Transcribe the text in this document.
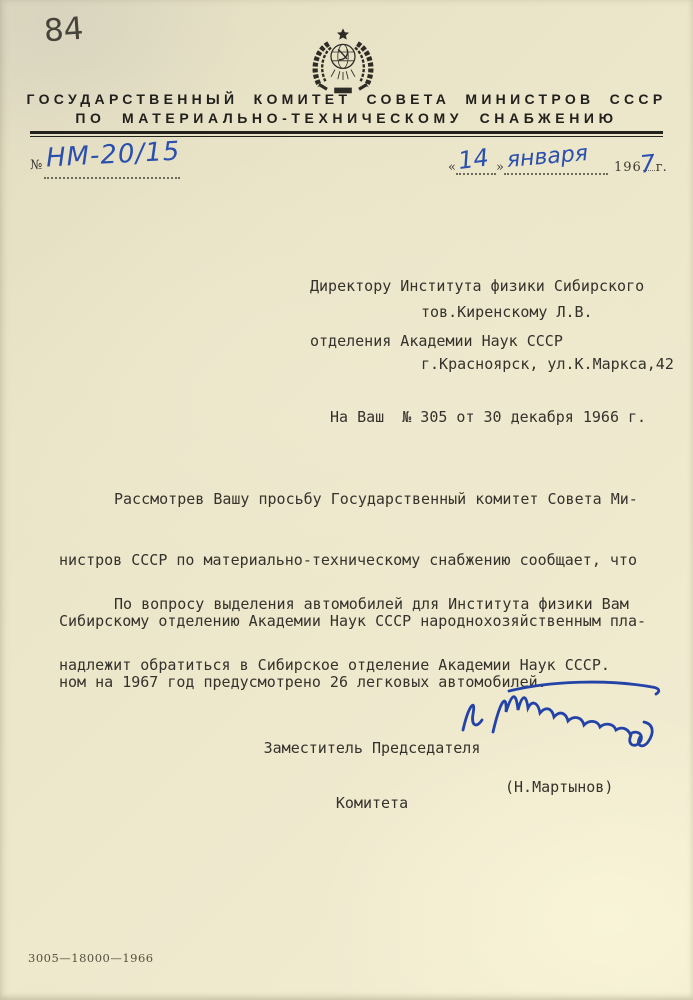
84
ГОСУДАРСТВЕННЫЙ КОМИТЕТ СОВЕТА МИНИСТРОВ СССР
ПО МАТЕРИАЛЬНО-ТЕХНИЧЕСКОМУ СНАБЖЕНИЮ
№ НМ-20/15	« 14 » января 196
7
г.

Директору Института физики Сибирского

отделения Академии Наук СССР

тов.Киренскому Л.В.
г.Красноярск, ул.К.Маркса,42
На Ваш  № 305 от 30 декабря 1966 г.

Рассмотрев Вашу просьбу Государственный комитет Совета Ми-

нистров СССР по материально-техническому снабжению сообщает, что

Сибирскому отделению Академии Наук СССР народнохозяйственным пла-

ном на 1967 год предусмотрено 26 легковых автомобилей.

По вопросу выделения автомобилей для Института физики Вам

надлежит обратиться в Сибирское отделение Академии Наук СССР.

Заместитель Председателя

Комитета

(Н.Мартынов)
3005—18000—1966
